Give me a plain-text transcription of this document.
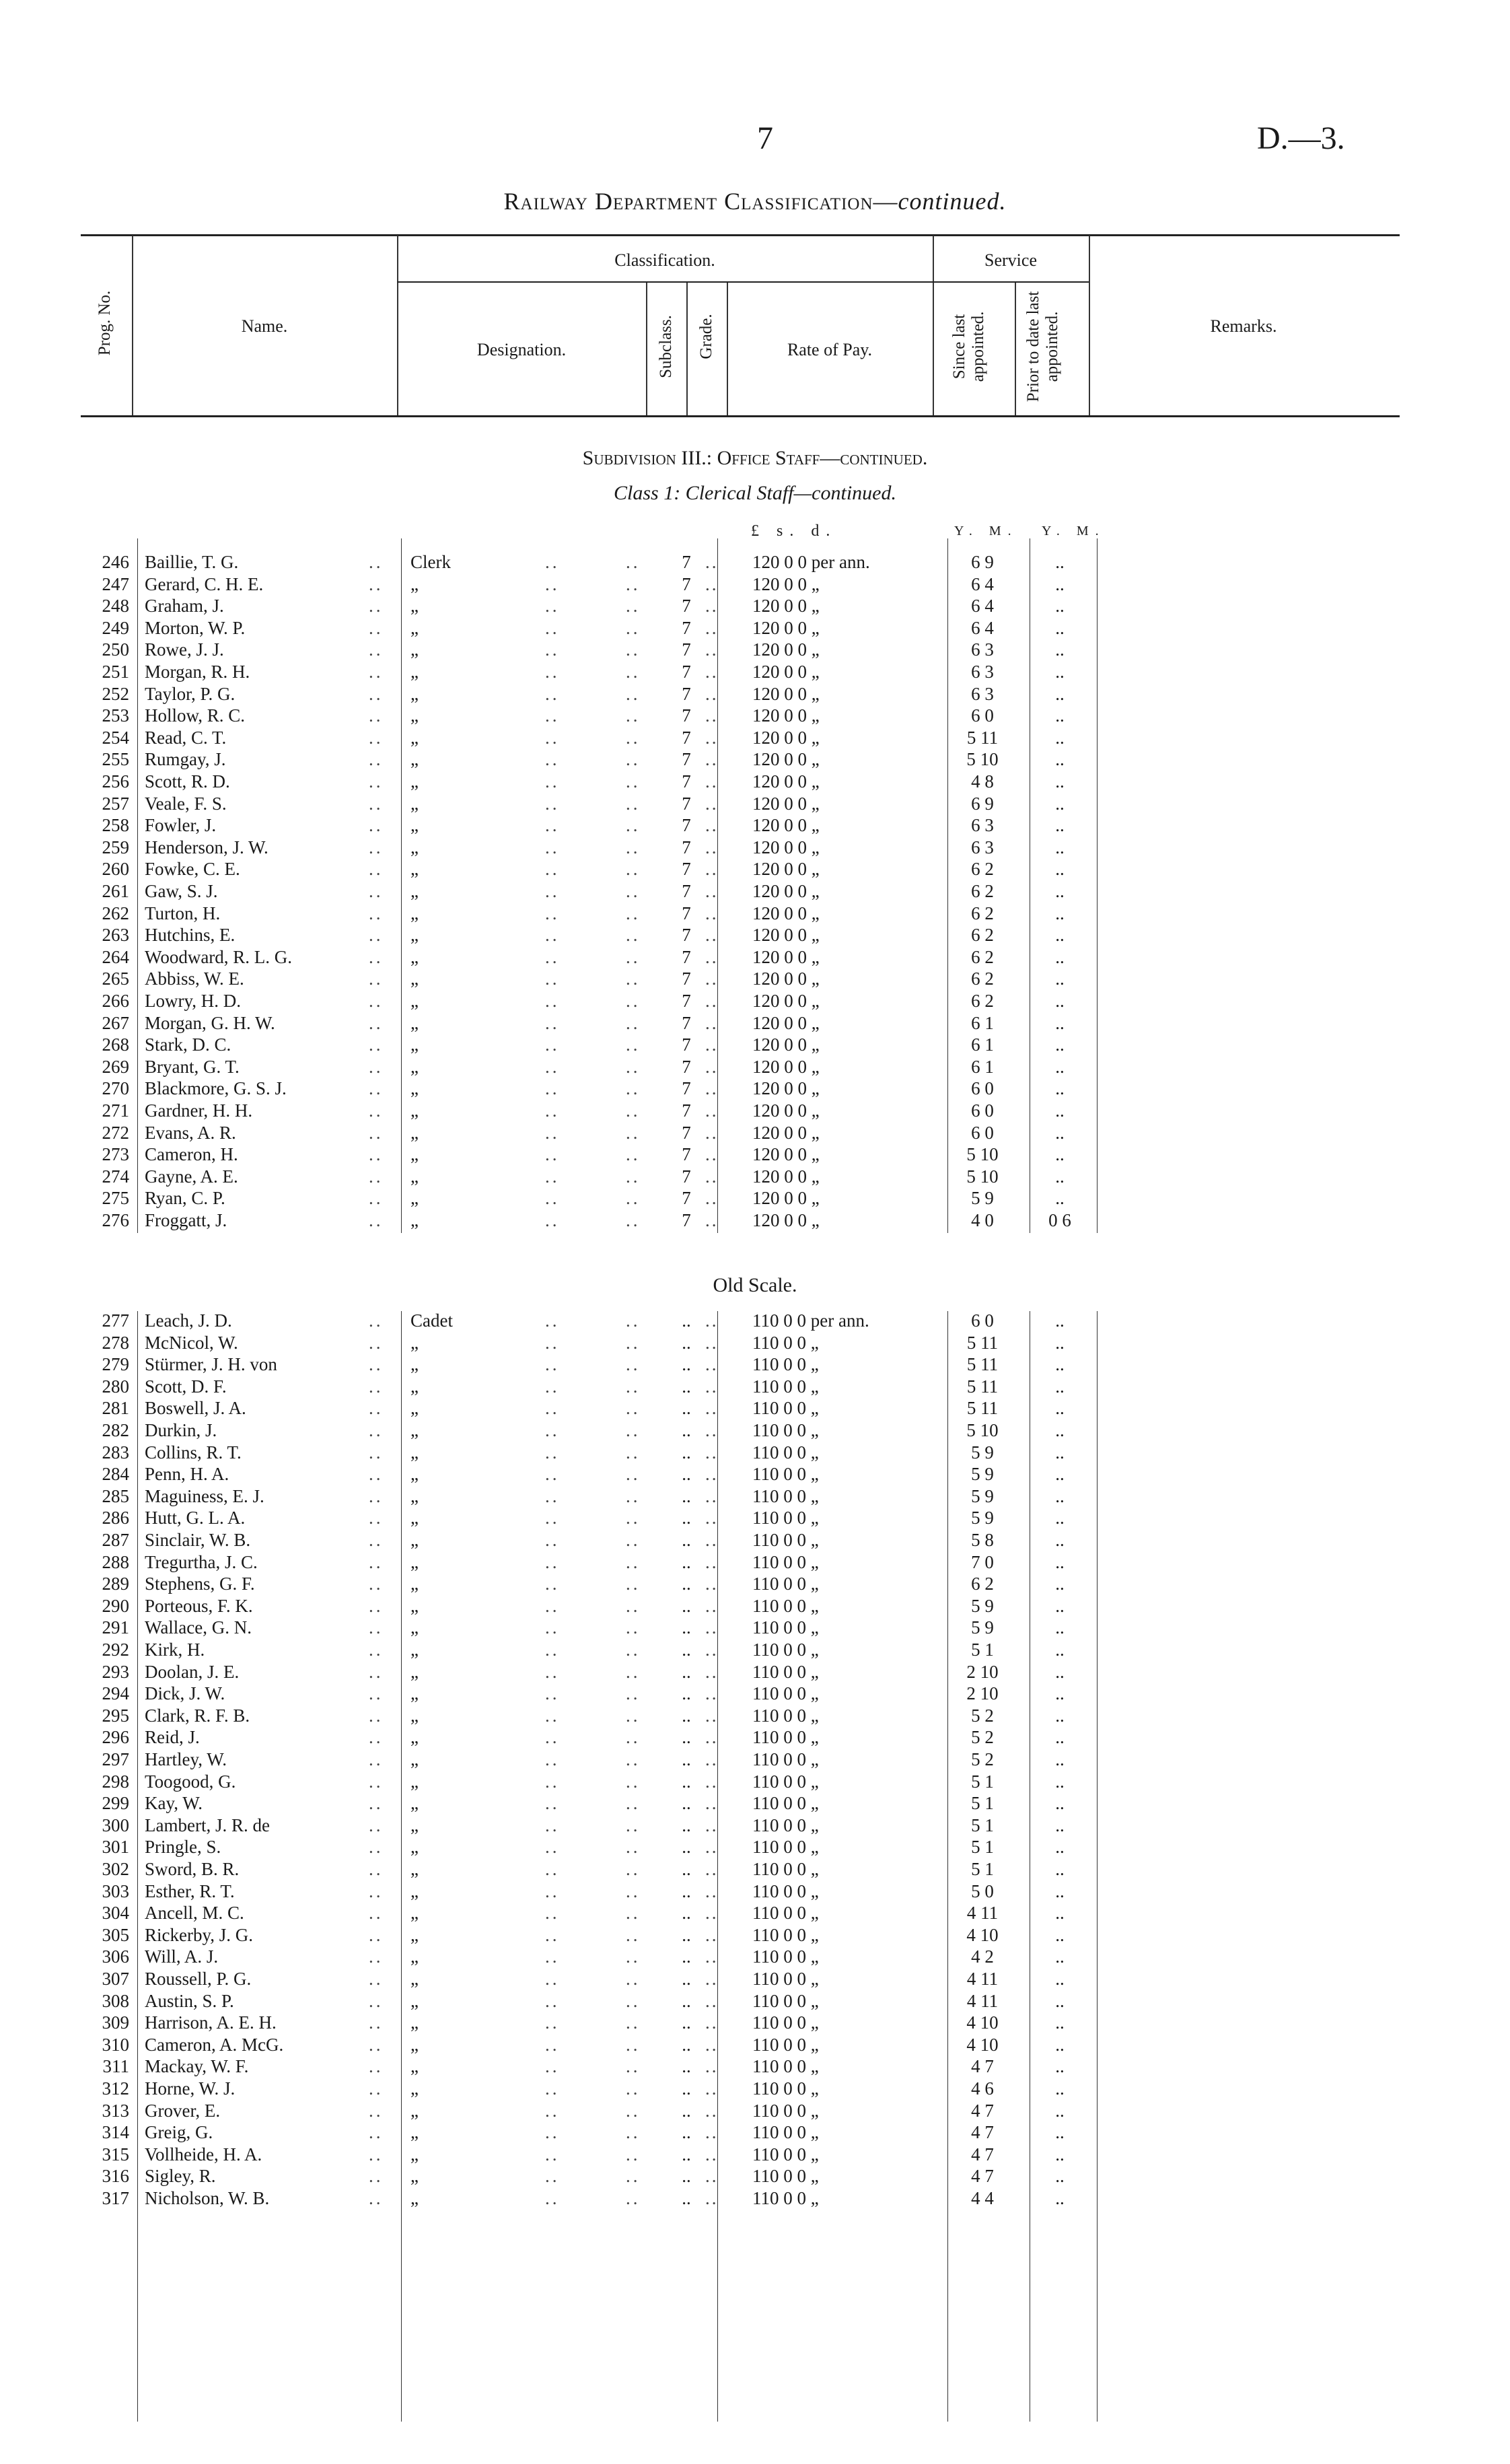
7	D.—3.
Railway Department Classification—continued.
Prog. No.	Name.
Classification.
Designation.	Subclass. Grade.	Rate of Pay.
Service
Since last appointed. Prior to date last appointed.	Remarks.
Subdivision III.: Office Staff—continued.
Class 1: Clerical Staff—continued.
£ s. d.	Y. M. Y. M.
246 Baillie, T. G.	.. Clerk	..	..	7 .. 120 0 0 per ann.	6 9	..
247 Gerard, C. H. E.	.. „	..	..	7 .. 120 0 0 „	6 4	..
248 Graham, J.	.. „	..	..	7 .. 120 0 0 „	6 4	..
249 Morton, W. P.	.. „	..	..	7 .. 120 0 0 „	6 4	..
250 Rowe, J. J.	.. „	..	..	7 .. 120 0 0 „	6 3	..
251 Morgan, R. H.	.. „	..	..	7 .. 120 0 0 „	6 3	..
252 Taylor, P. G.	.. „	..	..	7 .. 120 0 0 „	6 3	..
253 Hollow, R. C.	.. „	..	..	7 .. 120 0 0 „	6 0	..
254 Read, C. T.	.. „	..	..	7 .. 120 0 0 „	5 11	..
255 Rumgay, J.	.. „	..	..	7 .. 120 0 0 „	5 10	..
256 Scott, R. D.	.. „	..	..	7 .. 120 0 0 „	4 8	..
257 Veale, F. S.	.. „	..	..	7 .. 120 0 0 „	6 9	..
258 Fowler, J.	.. „	..	..	7 .. 120 0 0 „	6 3	..
259 Henderson, J. W.	.. „	..	..	7 .. 120 0 0 „	6 3	..
260 Fowke, C. E.	.. „	..	..	7 .. 120 0 0 „	6 2	..
261 Gaw, S. J.	.. „	..	..	7 .. 120 0 0 „	6 2	..
262 Turton, H.	.. „	..	..	7 .. 120 0 0 „	6 2	..
263 Hutchins, E.	.. „	..	..	7 .. 120 0 0 „	6 2	..
264 Woodward, R. L. G.	.. „	..	..	7 .. 120 0 0 „	6 2	..
265 Abbiss, W. E.	.. „	..	..	7 .. 120 0 0 „	6 2	..
266 Lowry, H. D.	.. „	..	..	7 .. 120 0 0 „	6 2	..
267 Morgan, G. H. W.	.. „	..	..	7 .. 120 0 0 „	6 1	..
268 Stark, D. C.	.. „	..	..	7 .. 120 0 0 „	6 1	..
269 Bryant, G. T.	.. „	..	..	7 .. 120 0 0 „	6 1	..
270 Blackmore, G. S. J.	.. „	..	..	7 .. 120 0 0 „	6 0	..
271 Gardner, H. H.	.. „	..	..	7 .. 120 0 0 „	6 0	..
272 Evans, A. R.	.. „	..	..	7 .. 120 0 0 „	6 0	..
273 Cameron, H.	.. „	..	..	7 .. 120 0 0 „	5 10	..
274 Gayne, A. E.	.. „	..	..	7 .. 120 0 0 „	5 10	..
275 Ryan, C. P.	.. „	..	..	7 .. 120 0 0 „	5 9	..
276 Froggatt, J.	.. „	..	..	7 .. 120 0 0 „	4 0	0 6
Old Scale.
277 Leach, J. D.	.. Cadet	..	..	.. .. 110 0 0 per ann.	6 0	..
278 McNicol, W.	.. „	..	..	.. .. 110 0 0 „	5 11	..
279 Stürmer, J. H. von	.. „	..	..	.. .. 110 0 0 „	5 11	..
280 Scott, D. F.	.. „	..	..	.. .. 110 0 0 „	5 11	..
281 Boswell, J. A.	.. „	..	..	.. .. 110 0 0 „	5 11	..
282 Durkin, J.	.. „	..	..	.. .. 110 0 0 „	5 10	..
283 Collins, R. T.	.. „	..	..	.. .. 110 0 0 „	5 9	..
284 Penn, H. A.	.. „	..	..	.. .. 110 0 0 „	5 9	..
285 Maguiness, E. J.	.. „	..	..	.. .. 110 0 0 „	5 9	..
286 Hutt, G. L. A.	.. „	..	..	.. .. 110 0 0 „	5 9	..
287 Sinclair, W. B.	.. „	..	..	.. .. 110 0 0 „	5 8	..
288 Tregurtha, J. C.	.. „	..	..	.. .. 110 0 0 „	7 0	..
289 Stephens, G. F.	.. „	..	..	.. .. 110 0 0 „	6 2	..
290 Porteous, F. K.	.. „	..	..	.. .. 110 0 0 „	5 9	..
291 Wallace, G. N.	.. „	..	..	.. .. 110 0 0 „	5 9	..
292 Kirk, H.	.. „	..	..	.. .. 110 0 0 „	5 1	..
293 Doolan, J. E.	.. „	..	..	.. .. 110 0 0 „	2 10	..
294 Dick, J. W.	.. „	..	..	.. .. 110 0 0 „	2 10	..
295 Clark, R. F. B.	.. „	..	..	.. .. 110 0 0 „	5 2	..
296 Reid, J.	.. „	..	..	.. .. 110 0 0 „	5 2	..
297 Hartley, W.	.. „	..	..	.. .. 110 0 0 „	5 2	..
298 Toogood, G.	.. „	..	..	.. .. 110 0 0 „	5 1	..
299 Kay, W.	.. „	..	..	.. .. 110 0 0 „	5 1	..
300 Lambert, J. R. de	.. „	..	..	.. .. 110 0 0 „	5 1	..
301 Pringle, S.	.. „	..	..	.. .. 110 0 0 „	5 1	..
302 Sword, B. R.	.. „	..	..	.. .. 110 0 0 „	5 1	..
303 Esther, R. T.	.. „	..	..	.. .. 110 0 0 „	5 0	..
304 Ancell, M. C.	.. „	..	..	.. .. 110 0 0 „	4 11	..
305 Rickerby, J. G.	.. „	..	..	.. .. 110 0 0 „	4 10	..
306 Will, A. J.	.. „	..	..	.. .. 110 0 0 „	4 2	..
307 Roussell, P. G.	.. „	..	..	.. .. 110 0 0 „	4 11	..
308 Austin, S. P.	.. „	..	..	.. .. 110 0 0 „	4 11	..
309 Harrison, A. E. H.	.. „	..	..	.. .. 110 0 0 „	4 10	..
310 Cameron, A. McG.	.. „	..	..	.. .. 110 0 0 „	4 10	..
311 Mackay, W. F.	.. „	..	..	.. .. 110 0 0 „	4 7	..
312 Horne, W. J.	.. „	..	..	.. .. 110 0 0 „	4 6	..
313 Grover, E.	.. „	..	..	.. .. 110 0 0 „	4 7	..
314 Greig, G.	.. „	..	..	.. .. 110 0 0 „	4 7	..
315 Vollheide, H. A.	.. „	..	..	.. .. 110 0 0 „	4 7	..
316 Sigley, R.	.. „	..	..	.. .. 110 0 0 „	4 7	..
317 Nicholson, W. B.	.. „	..	..	.. .. 110 0 0 „	4 4	..
